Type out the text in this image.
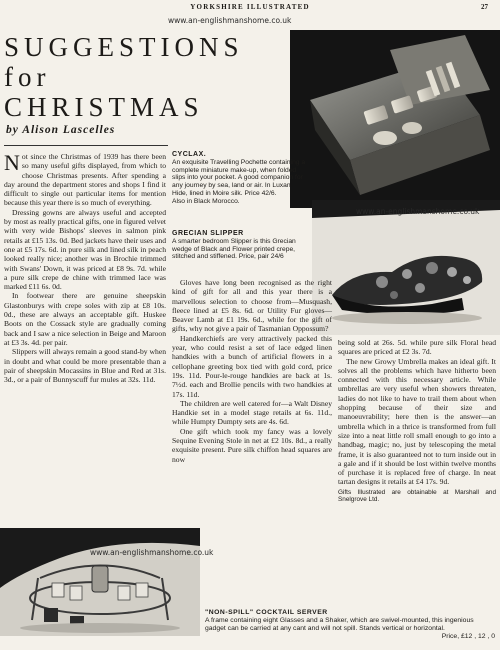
YORKSHIRE ILLUSTRATED	27
www.an-englishmanshome.co.uk
SUGGESTIONS
for
CHRISTMAS
by Alison Lascelles
CYCLAX.
An exquisite Travelling Pochette containing a complete miniature make-up, when folded slips into your pocket. A good companion for any journey by sea, land or air. In Luxan Hide, lined in Moire silk. Price 42/6.
Also in Black Morocco.
www.an-englishmanshome.co.uk
GRECIAN SLIPPER
A smarter bedroom Slipper is this Grecian wedge of Black and Flower printed crepe, stitched and stiffened. Price, pair 24/6

Not since the Christmas of 1939 has there been so many useful gifts displayed, from which to choose Christmas presents. After spending a day around the department stores and shops I find it difficult to single out particular items for mention because this year there is so much of everything.

Dressing gowns are always useful and accepted by most as really practical gifts, one in figured velvet with very wide Bishops' sleeves in salmon pink retails at £15 13s. 0d. Bed jackets have their uses and one at £5 17s. 6d. in pure silk and lined silk in peach looked really nice; another was in Brochie trimmed with Swans' Down, it was priced at £8 9s. 7d. while a pure silk crepe de chine with trimmed lace was marked £11 6s. 0d.

In footwear there are genuine sheepskin Glastonburys with crepe soles with zip at £8 10s. 0d., these are always an acceptable gift. Huskee Boots on the Cossack style are gradually coming back and I saw a nice selection in Beige and Maroon at £3 3s. 4d. per pair.

Slippers will always remain a good stand-by when in doubt and what could be more presentable than a pair of sheepskin Mocassins in Blue and Red at 31s. 3d., or a pair of Bunnyscuff fur mules at 32s. 11d.

Gloves have long been recognised as the right kind of gift for all and this year there is a marvellous selection to choose from—Musquash, fleece lined at £5 8s. 6d. or Utility Fur gloves—Beaver Lamb at £1 19s. 6d., while for the gift of gifts, why not give a pair of Tasmanian Oppossum?

Handkerchiefs are very attractively packed this year, who could resist a set of lace edged linen handkies with a bunch of artificial flowers in a cellophane greeting box tied with gold cord, price 19s. 11d. Pour-le-rouge handkies are back at 1s. 7½d. each and Brollie pencils with two handkies at 17s. 11d.

The children are well catered for—a Walt Disney Handkie set in a model stage retails at 6s. 11d., while Humpty Dumpty sets are 4s. 6d.

One gift which took my fancy was a lovely Sequine Evening Stole in net at £2 10s. 8d., a really exquisite present. Pure silk chiffon head squares are now

being sold at 26s. 5d. while pure silk Floral head squares are priced at £2 3s. 7d.

The new Growy Umbrella makes an ideal gift. It solves all the problems which have hitherto been connected with this necessary article. While umbrellas are very useful when showers threaten, ladies do not like to have to trail them about when shopping because of their size and manoeuvrability; here then is the answer—an umbrella which in a thrice is transformed from full size into a neat little roll small enough to go into a handbag, magic; no, just by telescoping the metal frame, it is also guaranteed not to turn inside out in a gale and if it should be lost within twelve months of purchase it is replaced free of charge. In neat tartan designs it retails at £4 17s. 9d.

Gifts Illustrated are obtainable at Marshall and Snelgrove Ltd.

www.an-englishmanshome.co.uk
"NON-SPILL" COCKTAIL SERVER
A frame containing eight Glasses and a Shaker, which are swivel-mounted, this ingenious gadget can be carried at any cant and will not spill. Stands vertical or horizontal.
Price, £12 , 12 , 0
